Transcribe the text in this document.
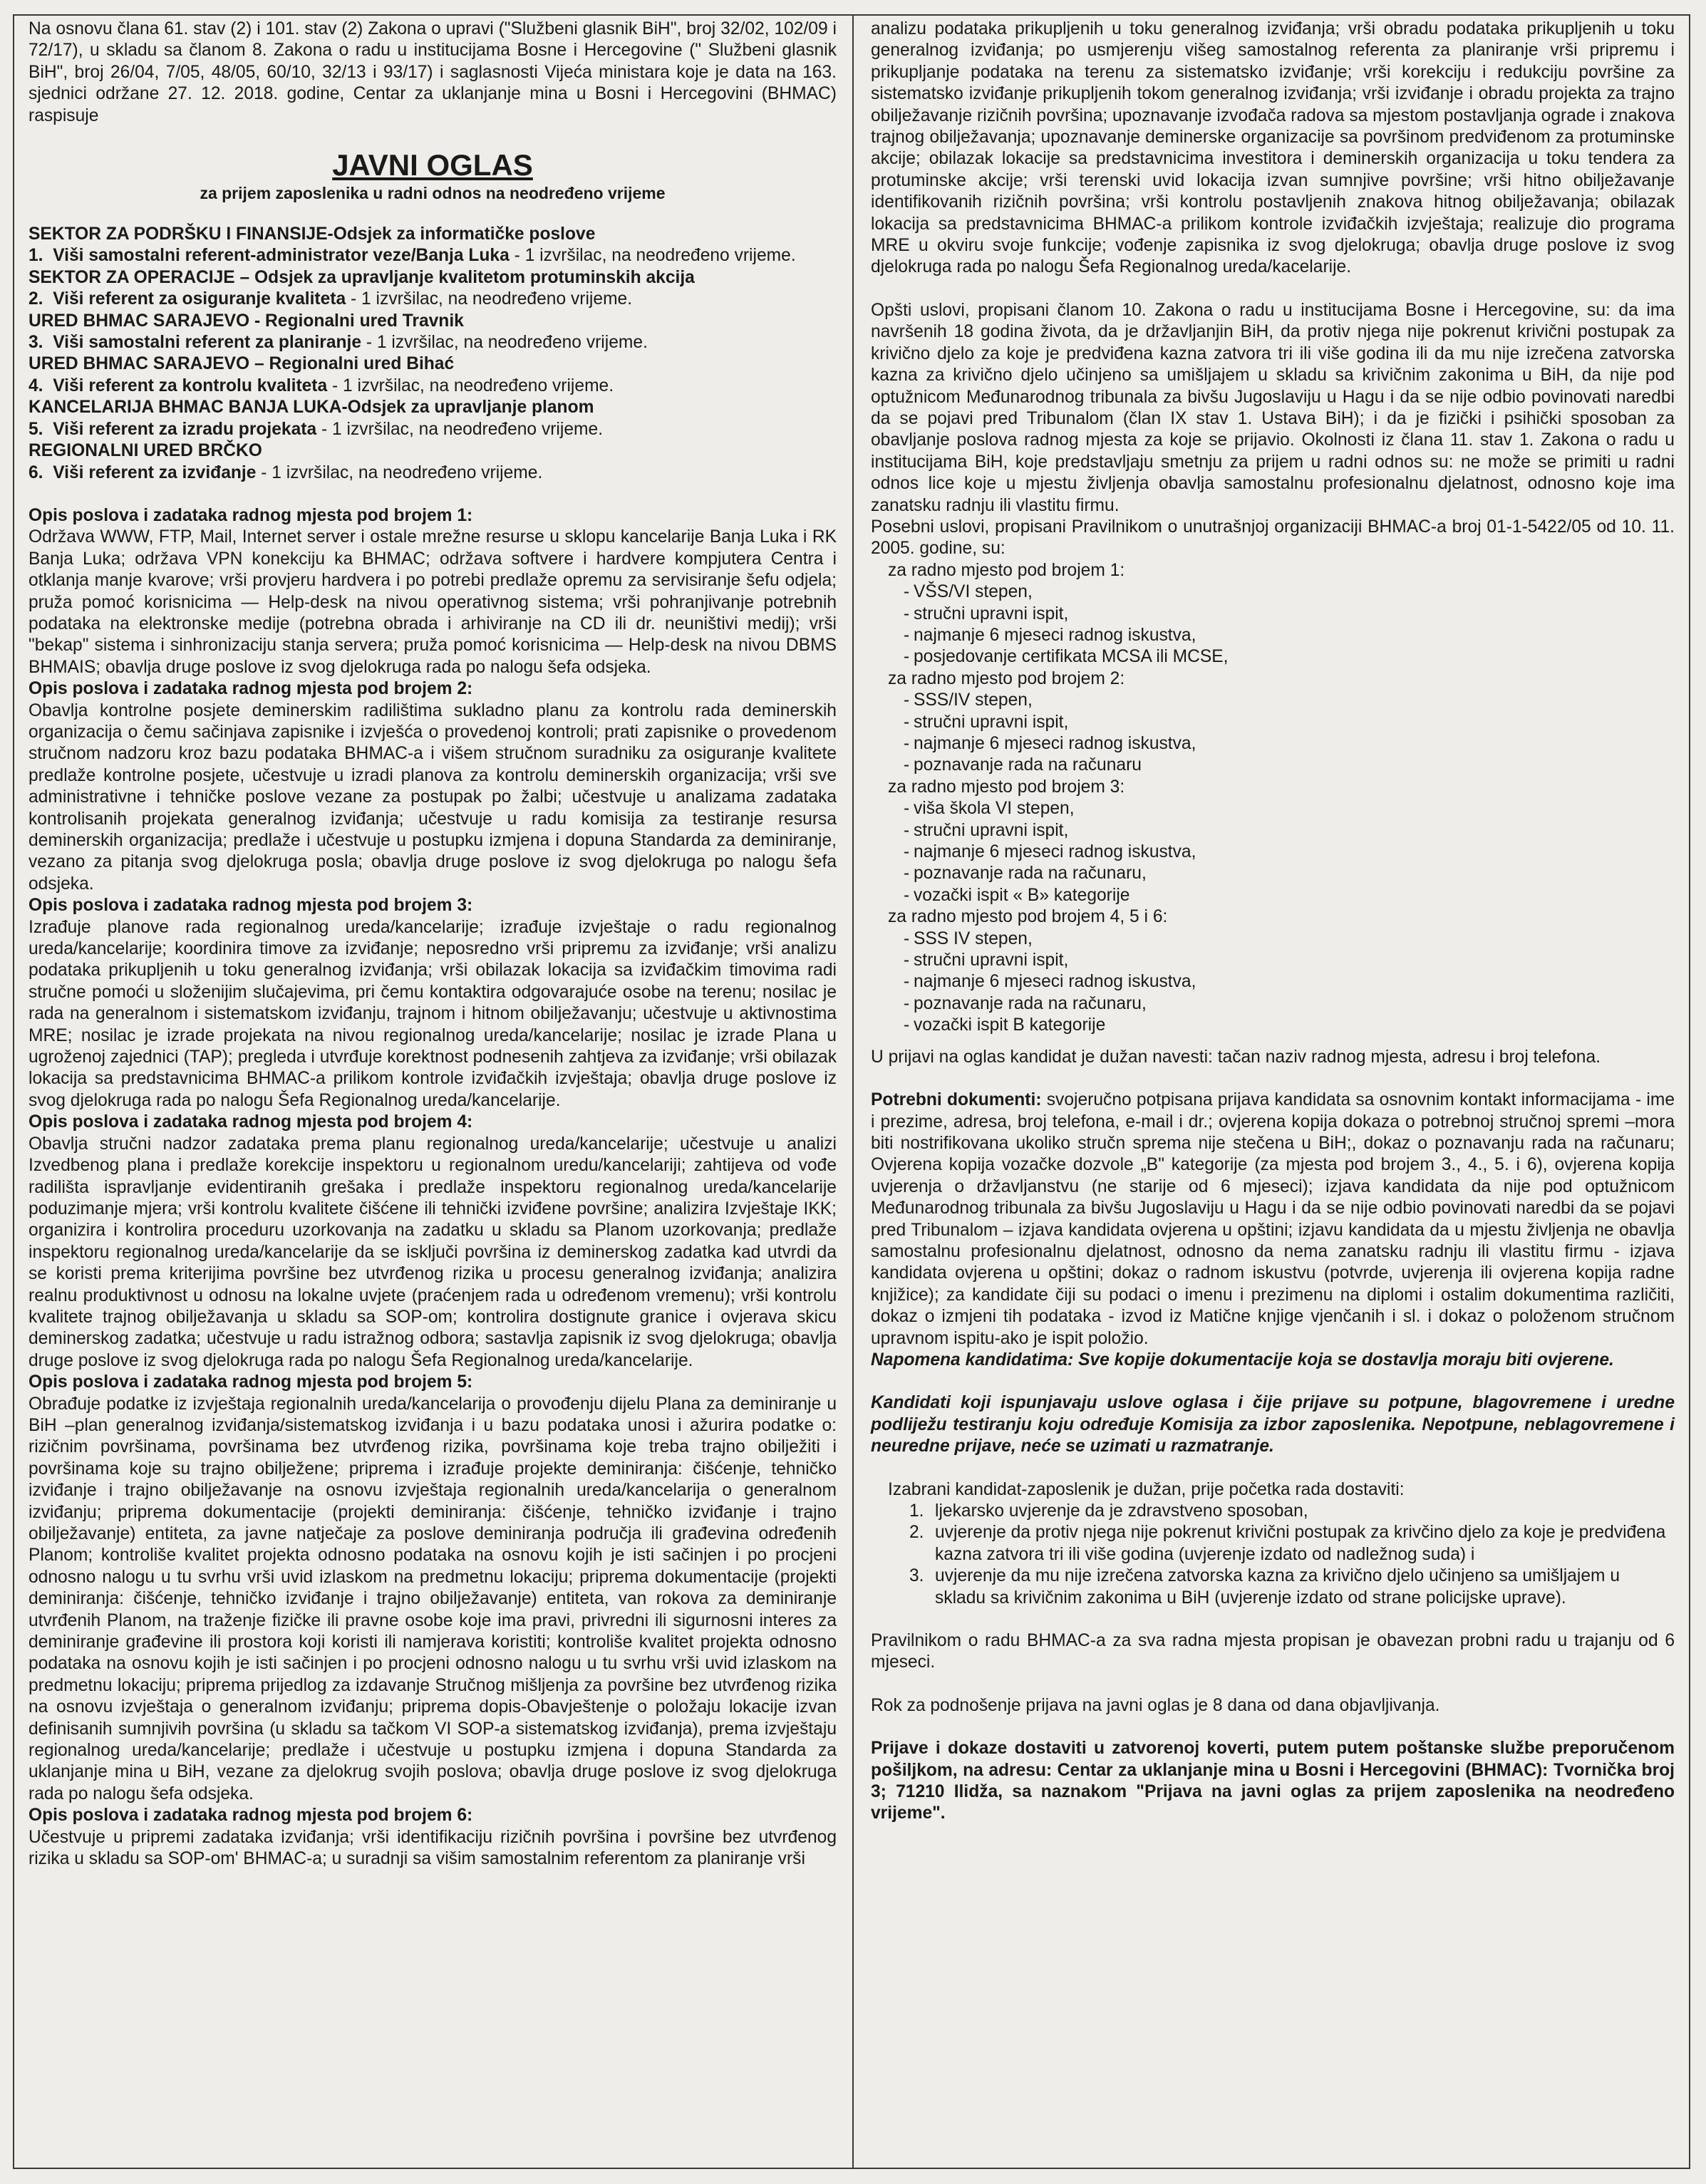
Na osnovu člana 61. stav (2) i 101. stav (2) Zakona o upravi ("Službeni glasnik BiH", broj 32/02, 102/09 i 72/17), u skladu sa članom 8. Zakona o radu u institucijama Bosne i Hercegovine (" Službeni glasnik BiH", broj 26/04, 7/05, 48/05, 60/10, 32/13 i 93/17) i saglasnosti Vijeća ministara koje je data na 163. sjednici održane 27. 12. 2018. godine, Centar za uklanjanje mina u Bosni i Hercegovini (BHMAC) raspisuje

JAVNI OGLAS
za prijem zaposlenika u radni odnos na neodređeno vrijeme

SEKTOR ZA PODRŠKU I FINANSIJE-Odsjek za informatičke poslove

1. Viši samostalni referent-administrator veze/Banja Luka - 1 izvršilac, na neodređeno vrijeme.

SEKTOR ZA OPERACIJE – Odsjek za upravljanje kvalitetom protuminskih akcija

2. Viši referent za osiguranje kvaliteta - 1 izvršilac, na neodređeno vrijeme.

URED BHMAC SARAJEVO - Regionalni ured Travnik

3. Viši samostalni referent za planiranje - 1 izvršilac, na neodređeno vrijeme.

URED BHMAC SARAJEVO – Regionalni ured Bihać

4. Viši referent za kontrolu kvaliteta - 1 izvršilac, na neodređeno vrijeme.

KANCELARIJA BHMAC BANJA LUKA-Odsjek za upravljanje planom

5. Viši referent za izradu projekata - 1 izvršilac, na neodređeno vrijeme.

REGIONALNI URED BRČKO

6. Viši referent za izviđanje - 1 izvršilac, na neodređeno vrijeme.

Opis poslova i zadataka radnog mjesta pod brojem 1:

Održava WWW, FTP, Mail, Internet server i ostale mrežne resurse u sklopu kancelarije Banja Luka i RK Banja Luka; održava VPN konekciju ka BHMAC; održava softvere i hardvere kompjutera Centra i otklanja manje kvarove; vrši provjeru hardvera i po potrebi predlaže opremu za servisiranje šefu odjela; pruža pomoć korisnicima — Help-desk na nivou operativnog sistema; vrši pohranjivanje potrebnih podataka na elektronske medije (potrebna obrada i arhiviranje na CD ili dr. neuništivi medij); vrši "bekap" sistema i sinhronizaciju stanja servera; pruža pomoć korisnicima — Help-desk na nivou DBMS BHMAIS; obavlja druge poslove iz svog djelokruga rada po nalogu šefa odsjeka.

Opis poslova i zadataka radnog mjesta pod brojem 2:

Obavlja kontrolne posjete deminerskim radilištima sukladno planu za kontrolu rada deminerskih organizacija o čemu sačinjava zapisnike i izvješća o provedenoj kontroli; prati zapisnike o provedenom stručnom nadzoru kroz bazu podataka BHMAC-a i višem stručnom suradniku za osiguranje kvalitete predlaže kontrolne posjete, učestvuje u izradi planova za kontrolu deminerskih organizacija; vrši sve administrativne i tehničke poslove vezane za postupak po žalbi; učestvuje u analizama zadataka kontrolisanih projekata generalnog izviđanja; učestvuje u radu komisija za testiranje resursa deminerskih organizacija; predlaže i učestvuje u postupku izmjena i dopuna Standarda za deminiranje, vezano za pitanja svog djelokruga posla; obavlja druge poslove iz svog djelokruga po nalogu šefa odsjeka.

Opis poslova i zadataka radnog mjesta pod brojem 3:

Izrađuje planove rada regionalnog ureda/kancelarije; izrađuje izvještaje o radu regionalnog ureda/kancelarije; koordinira timove za izviđanje; neposredno vrši pripremu za izviđanje; vrši analizu podataka prikupljenih u toku generalnog izviđanja; vrši obilazak lokacija sa izviđačkim timovima radi stručne pomoći u složenijim slučajevima, pri čemu kontaktira odgovarajuće osobe na terenu; nosilac je rada na generalnom i sistematskom izviđanju, trajnom i hitnom obilježavanju; učestvuje u aktivnostima MRE; nosilac je izrade projekata na nivou regionalnog ureda/kancelarije; nosilac je izrade Plana u ugroženoj zajednici (TAP); pregleda i utvrđuje korektnost podnesenih zahtjeva za izviđanje; vrši obilazak lokacija sa predstavnicima BHMAC-a prilikom kontrole izviđačkih izvještaja; obavlja druge poslove iz svog djelokruga rada po nalogu Šefa Regionalnog ureda/kancelarije.

Opis poslova i zadataka radnog mjesta pod brojem 4:

Obavlja stručni nadzor zadataka prema planu regionalnog ureda/kancelarije; učestvuje u analizi Izvedbenog plana i predlaže korekcije inspektoru u regionalnom uredu/kancelariji; zahtijeva od vođe radilišta ispravljanje evidentiranih grešaka i predlaže inspektoru regionalnog ureda/kancelarije poduzimanje mjera; vrši kontrolu kvalitete čišćene ili tehnički izviđene površine; analizira Izvještaje IKK; organizira i kontrolira proceduru uzorkovanja na zadatku u skladu sa Planom uzorkovanja; predlaže inspektoru regionalnog ureda/kancelarije da se isključi površina iz deminerskog zadatka kad utvrdi da se koristi prema kriterijima površine bez utvrđenog rizika u procesu generalnog izviđanja; analizira realnu produktivnost u odnosu na lokalne uvjete (praćenjem rada u određenom vremenu); vrši kontrolu kvalitete trajnog obilježavanja u skladu sa SOP-om; kontrolira dostignute granice i ovjerava skicu deminerskog zadatka; učestvuje u radu istražnog odbora; sastavlja zapisnik iz svog djelokruga; obavlja druge poslove iz svog djelokruga rada po nalogu Šefa Regionalnog ureda/kancelarije.

Opis poslova i zadataka radnog mjesta pod brojem 5:

Obrađuje podatke iz izvještaja regionalnih ureda/kancelarija o provođenju dijelu Plana za deminiranje u BiH –plan generalnog izviđanja/sistematskog izviđanja i u bazu podataka unosi i ažurira podatke o: rizičnim površinama, površinama bez utvrđenog rizika, površinama koje treba trajno obilježiti i površinama koje su trajno obilježene; priprema i izrađuje projekte deminiranja: čišćenje, tehničko izviđanje i trajno obilježavanje na osnovu izvještaja regionalnih ureda/kancelarija o generalnom izviđanju; priprema dokumentacije (projekti deminiranja: čišćenje, tehničko izviđanje i trajno obilježavanje) entiteta, za javne natječaje za poslove deminiranja područja ili građevina određenih Planom; kontroliše kvalitet projekta odnosno podataka na osnovu kojih je isti sačinjen i po procjeni odnosno nalogu u tu svrhu vrši uvid izlaskom na predmetnu lokaciju; priprema dokumentacije (projekti deminiranja: čišćenje, tehničko izviđanje i trajno obilježavanje) entiteta, van rokova za deminiranje utvrđenih Planom, na traženje fizičke ili pravne osobe koje ima pravi, privredni ili sigurnosni interes za deminiranje građevine ili prostora koji koristi ili namjerava koristiti; kontroliše kvalitet projekta odnosno podataka na osnovu kojih je isti sačinjen i po procjeni odnosno nalogu u tu svrhu vrši uvid izlaskom na predmetnu lokaciju; priprema prijedlog za izdavanje Stručnog mišljenja za površine bez utvrđenog rizika na osnovu izvještaja o generalnom izviđanju; priprema dopis-Obavještenje o položaju lokacije izvan definisanih sumnjivih površina (u skladu sa tačkom VI SOP-a sistematskog izviđanja), prema izvještaju regionalnog ureda/kancelarije; predlaže i učestvuje u postupku izmjena i dopuna Standarda za uklanjanje mina u BiH, vezane za djelokrug svojih poslova; obavlja druge poslove iz svog djelokruga rada po nalogu šefa odsjeka.

Opis poslova i zadataka radnog mjesta pod brojem 6:

Učestvuje u pripremi zadataka izviđanja; vrši identifikaciju rizičnih površina i površine bez utvrđenog rizika u skladu sa SOP-om' BHMAC-a; u suradnji sa višim samostalnim referentom za planiranje vrši

analizu podataka prikupljenih u toku generalnog izviđanja; vrši obradu podataka prikupljenih u toku generalnog izviđanja; po usmjerenju višeg samostalnog referenta za planiranje vrši pripremu i prikupljanje podataka na terenu za sistematsko izviđanje; vrši korekciju i redukciju površine za sistematsko izviđanje prikupljenih tokom generalnog izviđanja; vrši izviđanje i obradu projekta za trajno obilježavanje rizičnih površina; upoznavanje izvođača radova sa mjestom postavljanja ograde i znakova trajnog obilježavanja; upoznavanje deminerske organizacije sa površinom predviđenom za protuminske akcije; obilazak lokacije sa predstavnicima investitora i deminerskih organizacija u toku tendera za protuminske akcije; vrši terenski uvid lokacija izvan sumnjive površine; vrši hitno obilježavanje identifikovanih rizičnih površina; vrši kontrolu postavljenih znakova hitnog obilježavanja; obilazak lokacija sa predstavnicima BHMAC-a prilikom kontrole izviđačkih izvještaja; realizuje dio programa MRE u okviru svoje funkcije; vođenje zapisnika iz svog djelokruga; obavlja druge poslove iz svog djelokruga rada po nalogu Šefa Regionalnog ureda/kacelarije.

Opšti uslovi, propisani članom 10. Zakona o radu u institucijama Bosne i Hercegovine, su: da ima navršenih 18 godina života, da je državljanjin BiH, da protiv njega nije pokrenut krivični postupak za krivično djelo za koje je predviđena kazna zatvora tri ili više godina ili da mu nije izrečena zatvorska kazna za krivično djelo učinjeno sa umišljajem u skladu sa krivičnim zakonima u BiH, da nije pod optužnicom Međunarodnog tribunala za bivšu Jugoslaviju u Hagu i da se nije odbio povinovati naredbi da se pojavi pred Tribunalom (član IX stav 1. Ustava BiH); i da je fizički i psihički sposoban za obavljanje poslova radnog mjesta za koje se prijavio. Okolnosti iz člana 11. stav 1. Zakona o radu u institucijama BiH, koje predstavljaju smetnju za prijem u radni odnos su: ne može se primiti u radni odnos lice koje u mjestu življenja obavlja samostalnu profesionalnu djelatnost, odnosno koje ima zanatsku radnju ili vlastitu firmu.

Posebni uslovi, propisani Pravilnikom o unutrašnjoj organizaciji BHMAC-a broj 01-1-5422/05 od 10. 11. 2005. godine, su:

za radno mjesto pod brojem 1:

- VŠS/VI stepen,

- stručni upravni ispit,

- najmanje 6 mjeseci radnog iskustva,

- posjedovanje certifikata MCSA ili MCSE,

za radno mjesto pod brojem 2:

- SSS/IV stepen,

- stručni upravni ispit,

- najmanje 6 mjeseci radnog iskustva,

- poznavanje rada na računaru

za radno mjesto pod brojem 3:

- viša škola VI stepen,

- stručni upravni ispit,

- najmanje 6 mjeseci radnog iskustva,

- poznavanje rada na računaru,

- vozački ispit « B» kategorije

za radno mjesto pod brojem 4, 5 i 6:

- SSS IV stepen,

- stručni upravni ispit,

- najmanje 6 mjeseci radnog iskustva,

- poznavanje rada na računaru,

- vozački ispit B kategorije

U prijavi na oglas kandidat je dužan navesti: tačan naziv radnog mjesta, adresu i broj telefona.

Potrebni dokumenti: svojeručno potpisana prijava kandidata sa osnovnim kontakt informacijama - ime i prezime, adresa, broj telefona, e-mail i dr.; ovjerena kopija dokaza o potrebnoj stručnoj spremi –mora biti nostrifikovana ukoliko stručn sprema nije stečena u BiH;, dokaz o poznavanju rada na računaru; Ovjerena kopija vozačke dozvole „B" kategorije (za mjesta pod brojem 3., 4., 5. i 6), ovjerena kopija uvjerenja o državljanstvu (ne starije od 6 mjeseci); izjava kandidata da nije pod optužnicom Međunarodnog tribunala za bivšu Jugoslaviju u Hagu i da se nije odbio povinovati naredbi da se pojavi pred Tribunalom – izjava kandidata ovjerena u opštini; izjavu kandidata da u mjestu življenja ne obavlja samostalnu profesionalnu djelatnost, odnosno da nema zanatsku radnju ili vlastitu firmu - izjava kandidata ovjerena u opštini; dokaz o radnom iskustvu (potvrde, uvjerenja ili ovjerena kopija radne knjižice); za kandidate čiji su podaci o imenu i prezimenu na diplomi i ostalim dokumentima različiti, dokaz o izmjeni tih podataka - izvod iz Matične knjige vjenčanih i sl. i dokaz o položenom stručnom upravnom ispitu-ako je ispit položio.

Napomena kandidatima: Sve kopije dokumentacije koja se dostavlja moraju biti ovjerene.

Kandidati koji ispunjavaju uslove oglasa i čije prijave su potpune, blagovremene i uredne podliježu testiranju koju određuje Komisija za izbor zaposlenika. Nepotpune, neblagovremene i neuredne prijave, neće se uzimati u razmatranje.

Izabrani kandidat-zaposlenik je dužan, prije početka rada dostaviti:

1. ljekarsko uvjerenje da je zdravstveno sposoban,

2. uvjerenje da protiv njega nije pokrenut krivični postupak za krivčino djelo za koje je predviđena kazna zatvora tri ili više godina (uvjerenje izdato od nadležnog suda) i

3. uvjerenje da mu nije izrečena zatvorska kazna za krivično djelo učinjeno sa umišljajem u skladu sa krivičnim zakonima u BiH (uvjerenje izdato od strane policijske uprave).

Pravilnikom o radu BHMAC-a za sva radna mjesta propisan je obavezan probni radu u trajanju od 6 mjeseci.

Rok za podnošenje prijava na javni oglas je 8 dana od dana objavljivanja.

Prijave i dokaze dostaviti u zatvorenoj koverti, putem putem poštanske službe preporučenom pošiljkom, na adresu: Centar za uklanjanje mina u Bosni i Hercegovini (BHMAC): Tvornička broj 3; 71210 Ilidža, sa naznakom "Prijava na javni oglas za prijem zaposlenika na neodređeno vrijeme".
